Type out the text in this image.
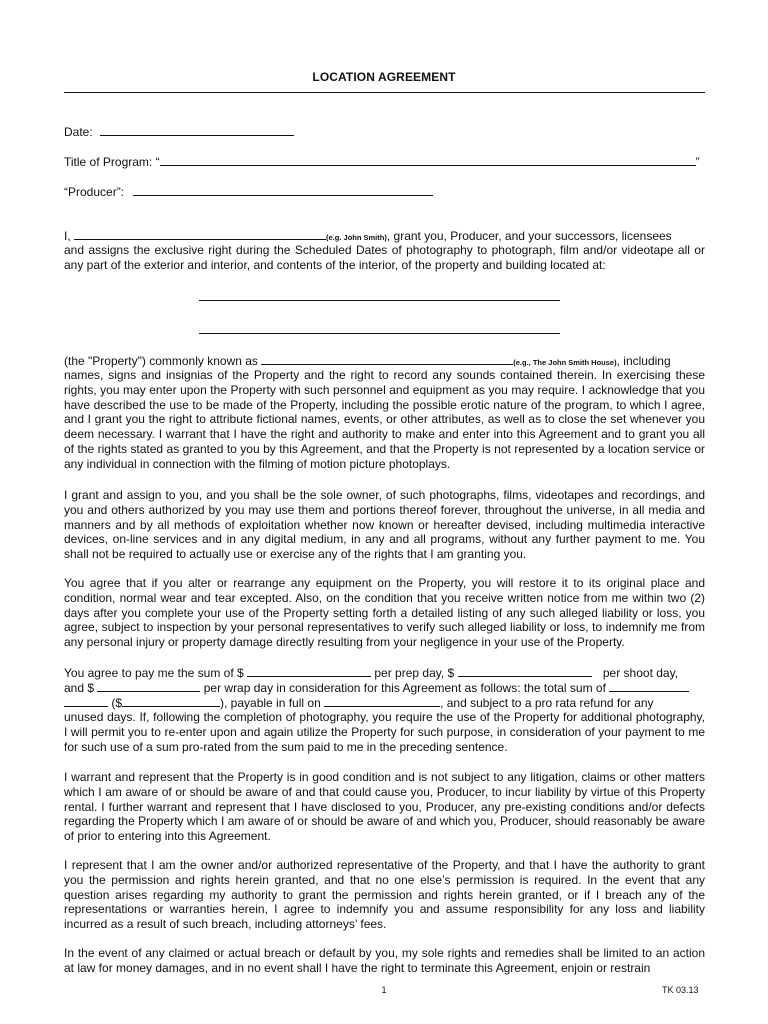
LOCATION AGREEMENT
Date:
Title of Program: “	”
“Producer”:
I,	(e.g. John Smith), grant you, Producer, and your successors, licensees

and assigns the exclusive right during the Scheduled Dates of photography to photograph, film and/or videotape all or any part of the exterior and interior, and contents of the interior, of the property and building located at:

(the "Property") commonly known as	(e.g., The John Smith House), including

names, signs and insignias of the Property and the right to record any sounds contained therein. In exercising these rights, you may enter upon the Property with such personnel and equipment as you may require. I acknowledge that you have described the use to be made of the Property, including the possible erotic nature of the program, to which I agree, and I grant you the right to attribute fictional names, events, or other attributes, as well as to close the set whenever you deem necessary. I warrant that I have the right and authority to make and enter into this Agreement and to grant you all of the rights stated as granted to you by this Agreement, and that the Property is not represented by a location service or any individual in connection with the filming of motion picture photoplays.

I grant and assign to you, and you shall be the sole owner, of such photographs, films, videotapes and recordings, and you and others authorized by you may use them and portions thereof forever, throughout the universe, in all media and manners and by all methods of exploitation whether now known or hereafter devised, including multimedia interactive devices, on-line services and in any digital medium, in any and all programs, without any further payment to me. You shall not be required to actually use or exercise any of the rights that I am granting you.

You agree that if you alter or rearrange any equipment on the Property, you will restore it to its original place and condition, normal wear and tear excepted. Also, on the condition that you receive written notice from me within two (2) days after you complete your use of the Property setting forth a detailed listing of any such alleged liability or loss, you agree, subject to inspection by your personal representatives to verify such alleged liability or loss, to indemnify me from any personal injury or property damage directly resulting from your negligence in your use of the Property.

You agree to pay me the sum of $	per prep day, $	per shoot day,
and $	per wrap day in consideration for this Agreement as follows: the total sum of
($	), payable in full on	, and subject to a pro rata refund for any

unused days. If, following the completion of photography, you require the use of the Property for additional photography, I will permit you to re-enter upon and again utilize the Property for such purpose, in consideration of your payment to me for such use of a sum pro-rated from the sum paid to me in the preceding sentence.

I warrant and represent that the Property is in good condition and is not subject to any litigation, claims or other matters which I am aware of or should be aware of and that could cause you, Producer, to incur liability by virtue of this Property rental. I further warrant and represent that I have disclosed to you, Producer, any pre-existing conditions and/or defects regarding the Property which I am aware of or should be aware of and which you, Producer, should reasonably be aware of prior to entering into this Agreement.

I represent that I am the owner and/or authorized representative of the Property, and that I have the authority to grant you the permission and rights herein granted, and that no one else’s permission is required. In the event that any question arises regarding my authority to grant the permission and rights herein granted, or if I breach any of the representations or warranties herein, I agree to indemnify you and assume responsibility for any loss and liability incurred as a result of such breach, including attorneys’ fees.

In the event of any claimed or actual breach or default by you, my sole rights and remedies shall be limited to an action at law for money damages, and in no event shall I have the right to terminate this Agreement, enjoin or restrain

1	TK 03.13
